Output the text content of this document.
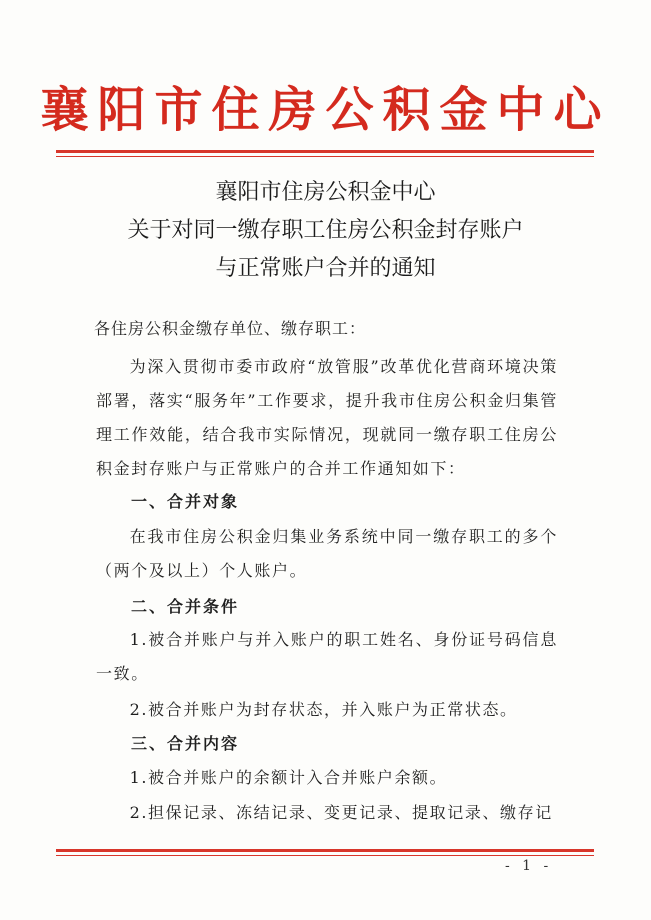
襄阳市住房公积金中心
襄阳市住房公积金中心
关于对同一缴存职工住房公积金封存账户
与正常账户合并的通知
各住房公积金缴存单位、缴存职工：
为深入贯彻市委市政府“放管服”改革优化营商环境决策部署，落实“服务年”工作要求，提升我市住房公积金归集管理工作效能，结合我市实际情况，现就同一缴存职工住房公积金封存账户与正常账户的合并工作通知如下：
一、合并对象
在我市住房公积金归集业务系统中同一缴存职工的多个（两个及以上）个人账户。
二、合并条件
1.被合并账户与并入账户的职工姓名、身份证号码信息一致。
2.被合并账户为封存状态，并入账户为正常状态。
三、合并内容
1.被合并账户的余额计入合并账户余额。
2.担保记录、冻结记录、变更记录、提取记录、缴存记
- 1 -
